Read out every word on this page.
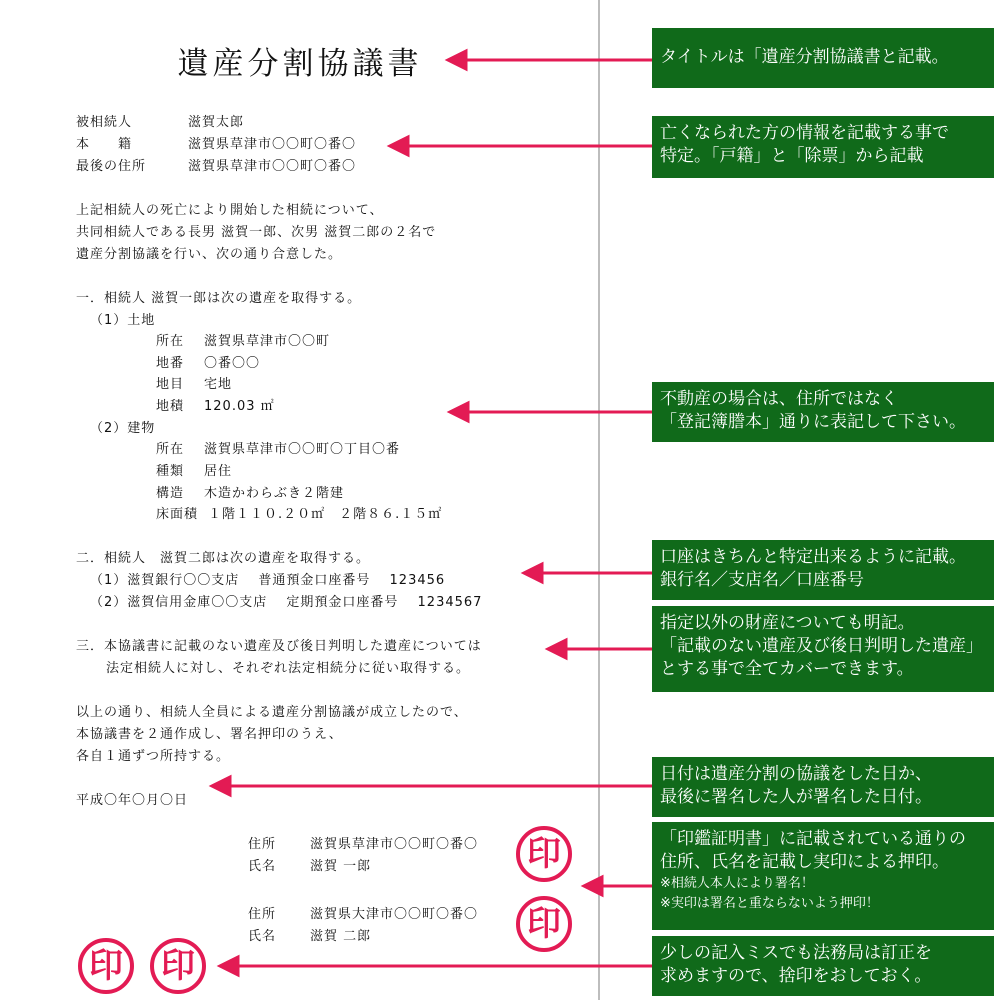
遺産分割協議書
被相続人	滋賀太郎
本　　籍	滋賀県草津市〇〇町〇番〇
最後の住所	滋賀県草津市〇〇町〇番〇
上記相続人の死亡により開始した相続について、
共同相続人である長男 滋賀一郎、次男 滋賀二郎の２名で
遺産分割協議を行い、次の通り合意した。
一．相続人 滋賀一郎は次の遺産を取得する。
（1）土地
所在 滋賀県草津市〇〇町
地番 〇番〇〇
地目 宅地
地積 120.03 ㎡
（2）建物
所在 滋賀県草津市〇〇町〇丁目〇番
種類 居住
構造 木造かわらぶき２階建
床面積 １階１１０.２０㎡　２階８６.１５㎡
二．相続人　滋賀二郎は次の遺産を取得する。
（1）滋賀銀行〇〇支店　 普通預金口座番号　 123456
（2）滋賀信用金庫〇〇支店 　定期預金口座番号　 1234567
三．本協議書に記載のない遺産及び後日判明した遺産については
法定相続人に対し、それぞれ法定相続分に従い取得する。
以上の通り、相続人全員による遺産分割協議が成立したので、
本協議書を２通作成し、署名押印のうえ、
各自１通ずつ所持する。
平成〇年〇月〇日
住所	滋賀県草津市〇〇町〇番〇
氏名	滋賀 一郎
住所	滋賀県大津市〇〇町〇番〇
氏名	滋賀 二郎
印
印
印	印
タイトルは「遺産分割協議書と記載。
亡くなられた方の情報を記載する事で
特定。「戸籍」と「除票」から記載
不動産の場合は、住所ではなく
「登記簿謄本」通りに表記して下さい。
口座はきちんと特定出来るように記載。
銀行名／支店名／口座番号
指定以外の財産についても明記。
「記載のない遺産及び後日判明した遺産」
とする事で全てカバーできます。
日付は遺産分割の協議をした日か、
最後に署名した人が署名した日付。
「印鑑証明書」に記載されている通りの
住所、氏名を記載し実印による押印。
※相続人本人により署名！
※実印は署名と重ならないよう押印！
少しの記入ミスでも法務局は訂正を
求めますので、捨印をおしておく。
